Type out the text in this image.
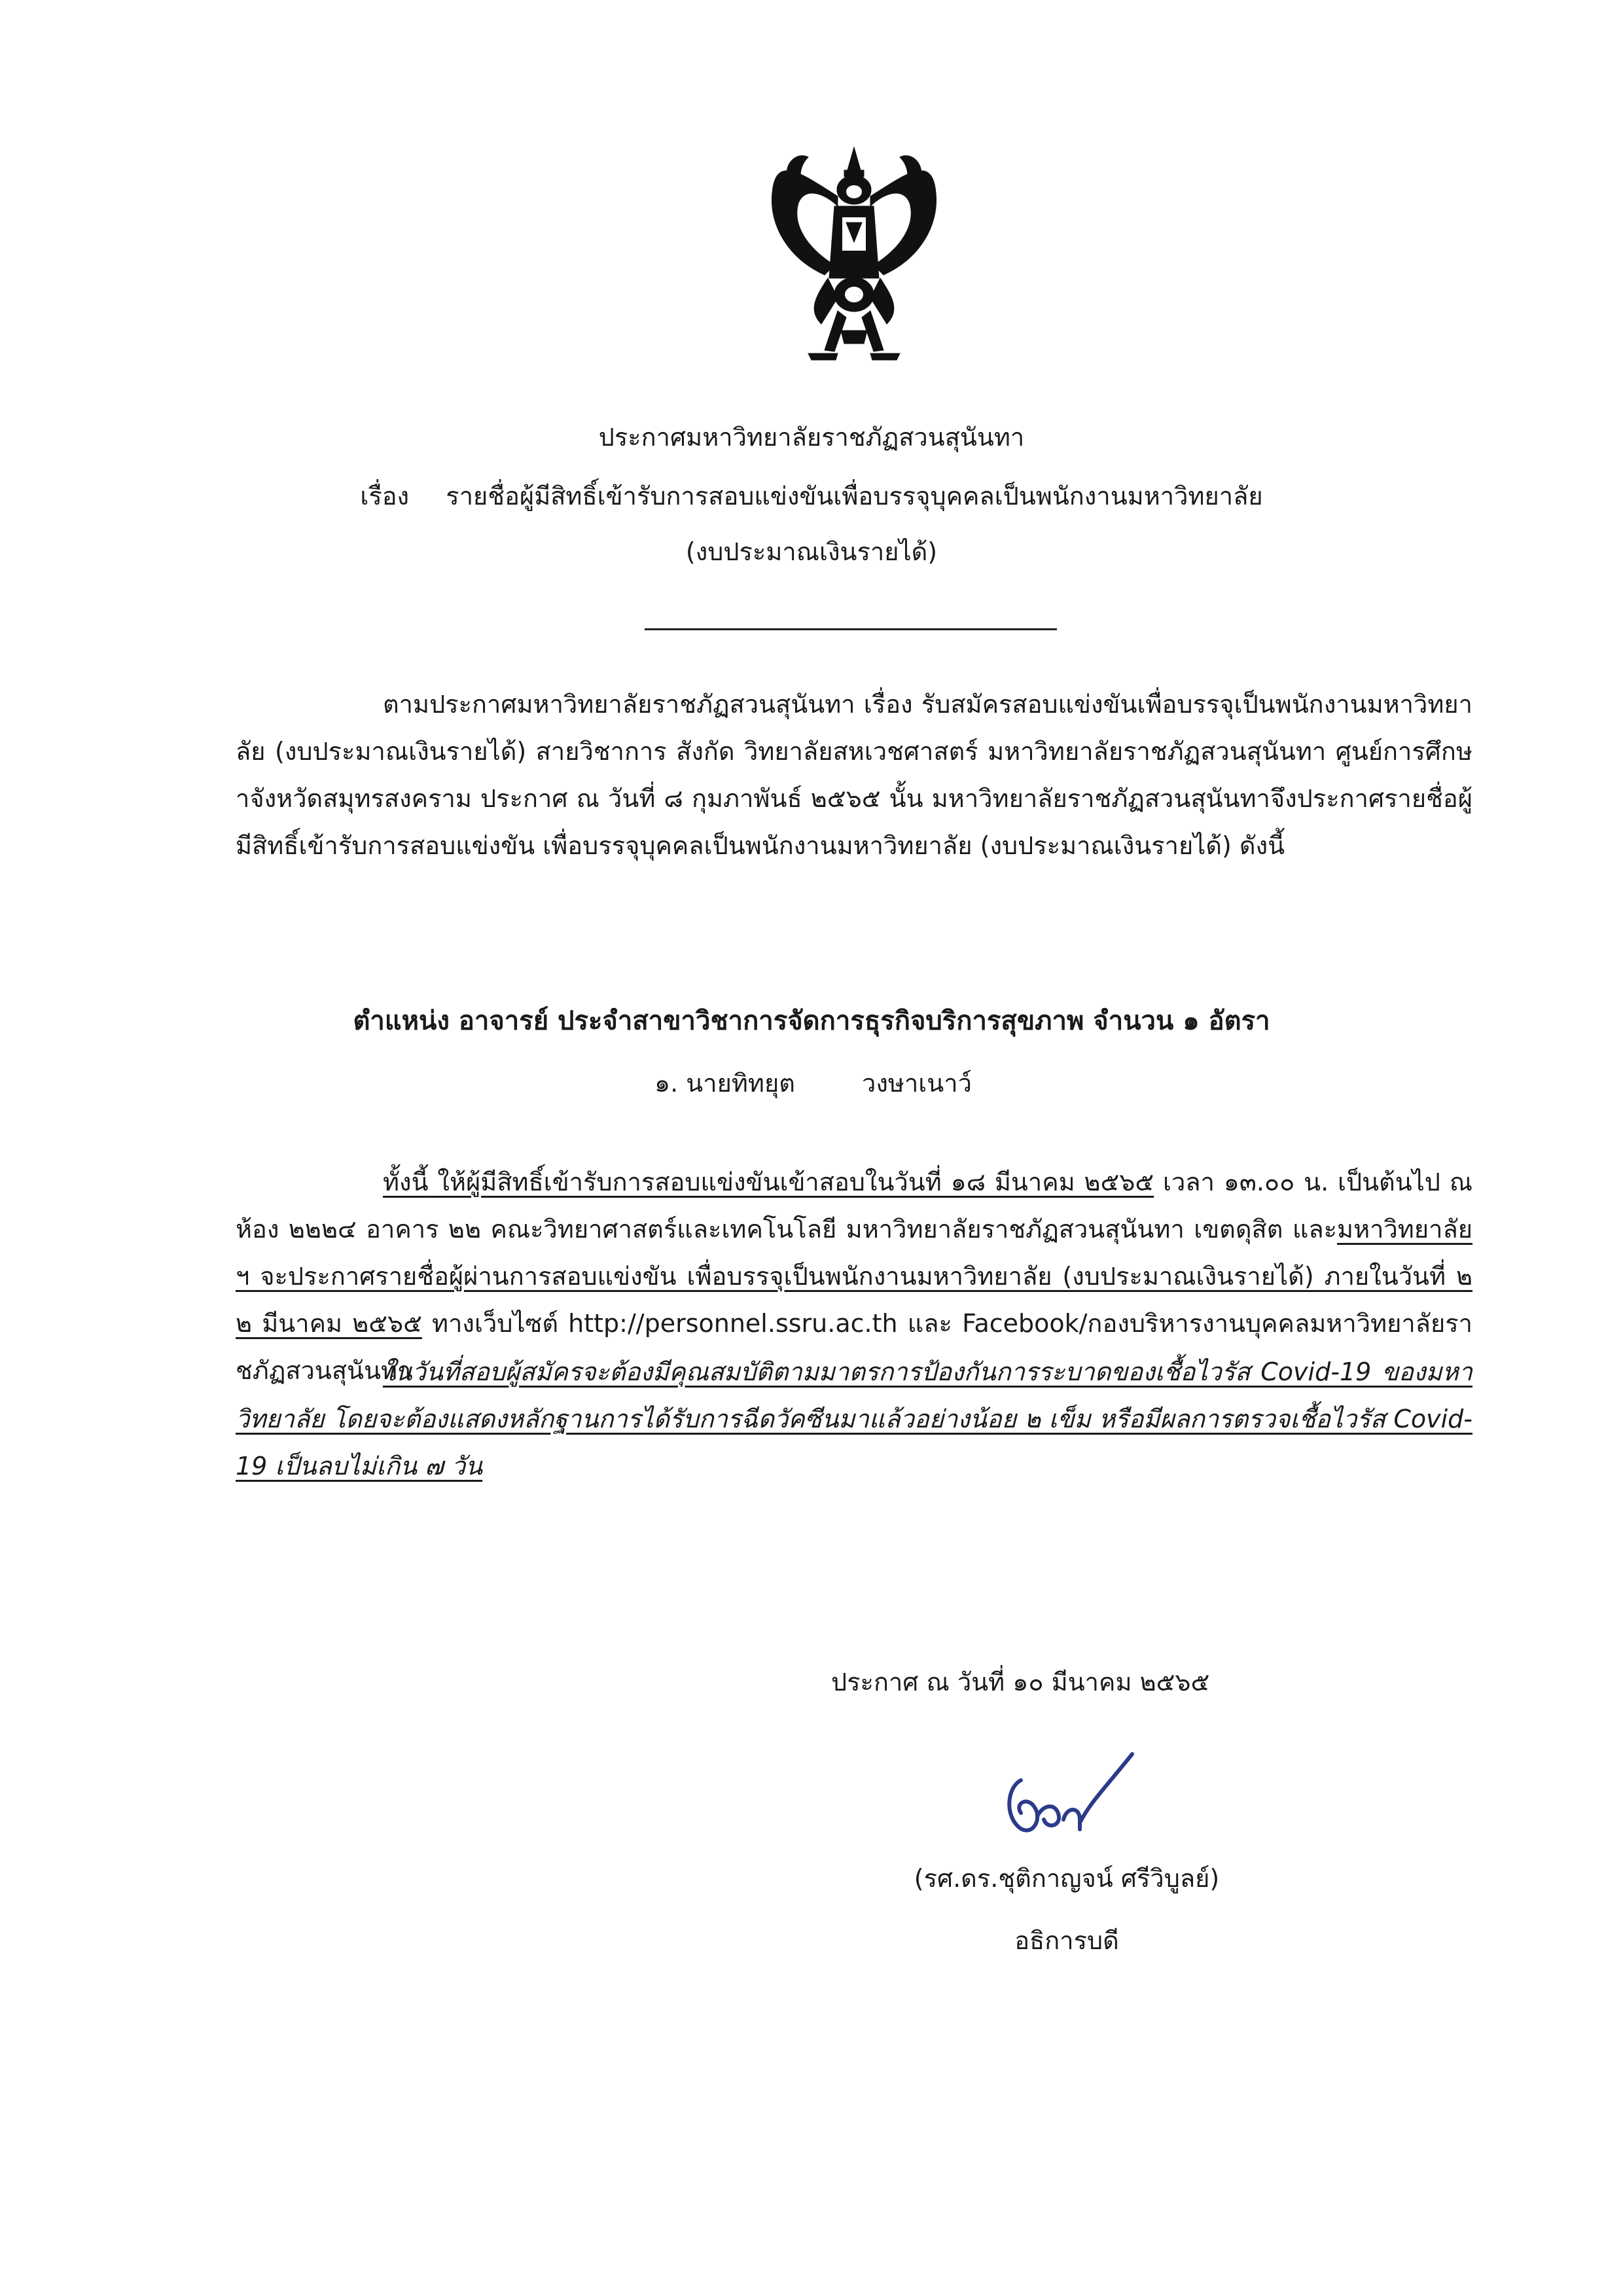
ประกาศมหาวิทยาลัยราชภัฏสวนสุนันทา
เรื่อง รายชื่อผู้มีสิทธิ์เข้ารับการสอบแข่งขันเพื่อบรรจุบุคคลเป็นพนักงานมหาวิทยาลัย
(งบประมาณเงินรายได้)
ตามประกาศมหาวิทยาลัยราชภัฏสวนสุนันทา เรื่อง รับสมัครสอบแข่งขันเพื่อบรรจุเป็นพนักงานมหาวิทยาลัย (งบประมาณเงินรายได้) สายวิชาการ สังกัด วิทยาลัยสหเวชศาสตร์ มหาวิทยาลัยราชภัฏสวนสุนันทา ศูนย์การศึกษาจังหวัดสมุทรสงคราม ประกาศ ณ วันที่ ๘ กุมภาพันธ์ ๒๕๖๕ นั้น มหาวิทยาลัยราชภัฏสวนสุนันทาจึงประกาศรายชื่อผู้มีสิทธิ์เข้ารับการสอบแข่งขัน เพื่อบรรจุบุคคลเป็นพนักงานมหาวิทยาลัย (งบประมาณเงินรายได้) ดังนี้
ตำแหน่ง อาจารย์ ประจำสาขาวิชาการจัดการธุรกิจบริการสุขภาพ จำนวน ๑ อัตรา
๑. นายทิทยุต	วงษาเนาว์
ทั้งนี้ ให้ผู้มีสิทธิ์เข้ารับการสอบแข่งขันเข้าสอบในวันที่ ๑๘ มีนาคม ๒๕๖๕ เวลา ๑๓.๐๐ น. เป็นต้นไป ณ ห้อง ๒๒๒๔ อาคาร ๒๒ คณะวิทยาศาสตร์และเทคโนโลยี มหาวิทยาลัยราชภัฏสวนสุนันทา เขตดุสิต และมหาวิทยาลัย ฯ จะประกาศรายชื่อผู้ผ่านการสอบแข่งขัน เพื่อบรรจุเป็นพนักงานมหาวิทยาลัย (งบประมาณเงินรายได้) ภายในวันที่ ๒๒ มีนาคม ๒๕๖๕ ทางเว็บไซต์ http://personnel.ssru.ac.th และ Facebook/กองบริหารงานบุคคลมหาวิทยาลัยราชภัฏสวนสุนันทา
ในวันที่สอบผู้สมัครจะต้องมีคุณสมบัติตามมาตรการป้องกันการระบาดของเชื้อไวรัส Covid-19 ของมหาวิทยาลัย โดยจะต้องแสดงหลักฐานการได้รับการฉีดวัคซีนมาแล้วอย่างน้อย ๒ เข็ม หรือมีผลการตรวจเชื้อไวรัส Covid-19 เป็นลบไม่เกิน ๗ วัน
ประกาศ ณ วันที่ ๑๐ มีนาคม ๒๕๖๕
(รศ.ดร.ชุติกาญจน์ ศรีวิบูลย์)
อธิการบดี
